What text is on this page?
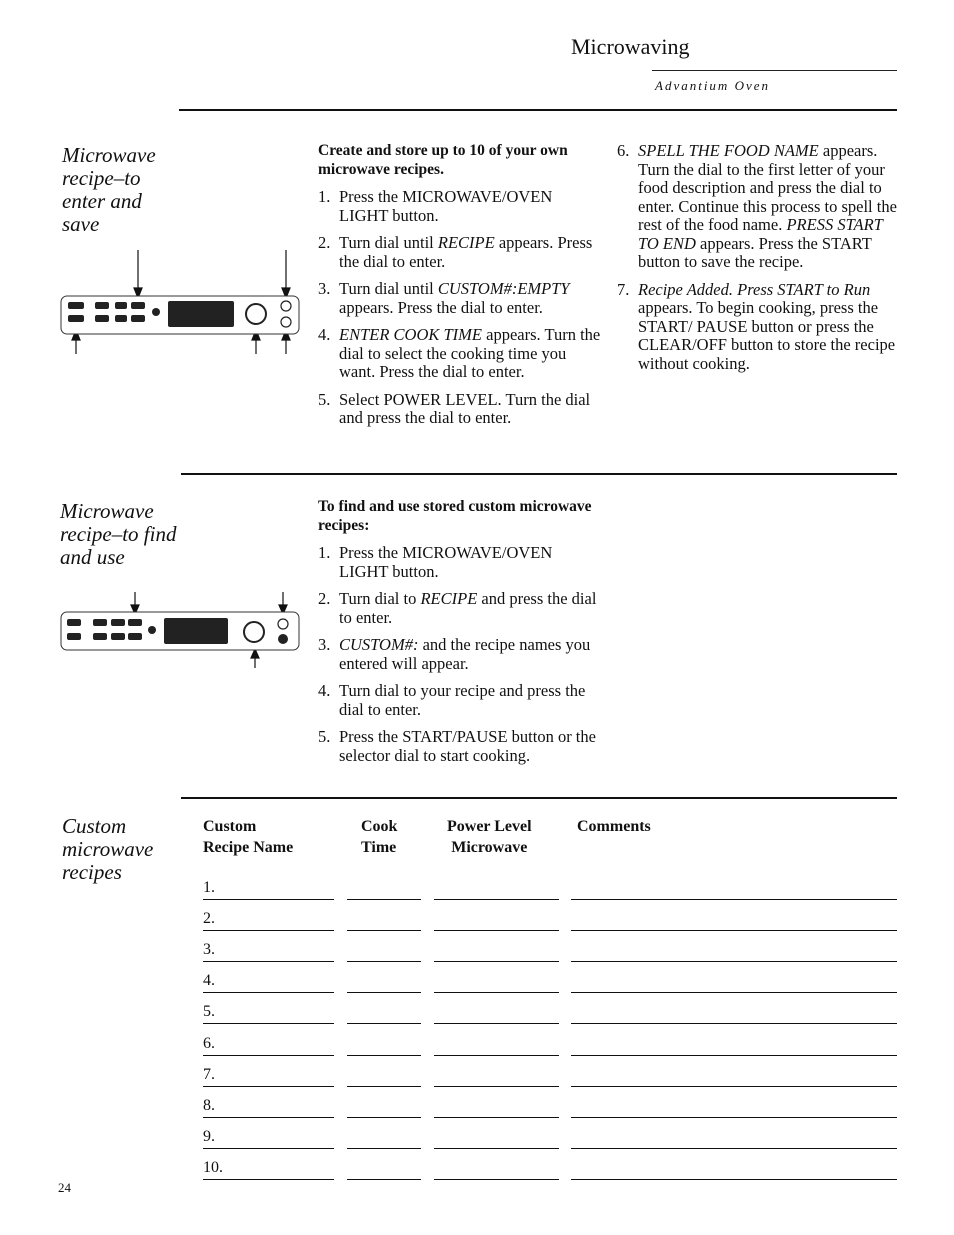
Microwaving
Advantium Oven
Microwave
recipe–to
enter and
save
Create and store up to 10 of your own microwave recipes.
1. Press the MICROWAVE/OVEN LIGHT button.
2. Turn dial until RECIPE appears. Press the dial to enter.
3. Turn dial until CUSTOM#:EMPTY appears. Press the dial to enter.
4. ENTER COOK TIME appears. Turn the dial to select the cooking time you want. Press the dial to enter.
5. Select POWER LEVEL. Turn the dial and press the dial to enter.
6. SPELL THE FOOD NAME appears. Turn the dial to the first letter of your food description and press the dial to enter. Continue this process to spell the rest of the food name. PRESS START TO END appears. Press the START button to save the recipe.
7. Recipe Added. Press START to Run appears. To begin cooking, press the START/ PAUSE button or press the CLEAR/OFF button to store the recipe without cooking.
Microwave
recipe–to find
and use
To find and use stored custom microwave recipes:
1. Press the MICROWAVE/OVEN LIGHT button.
2. Turn dial to RECIPE and press the dial to enter.
3. CUSTOM#: and the recipe names you entered will appear.
4. Turn dial to your recipe and press the dial to enter.
5. Press the START/PAUSE button or the selector dial to start cooking.
Custom
microwave
recipes
Custom
Recipe Name
Cook
Time
Power Level
Microwave
Comments
1.
2.
3.
4.
5.
6.
7.
8.
9.
10.
24
